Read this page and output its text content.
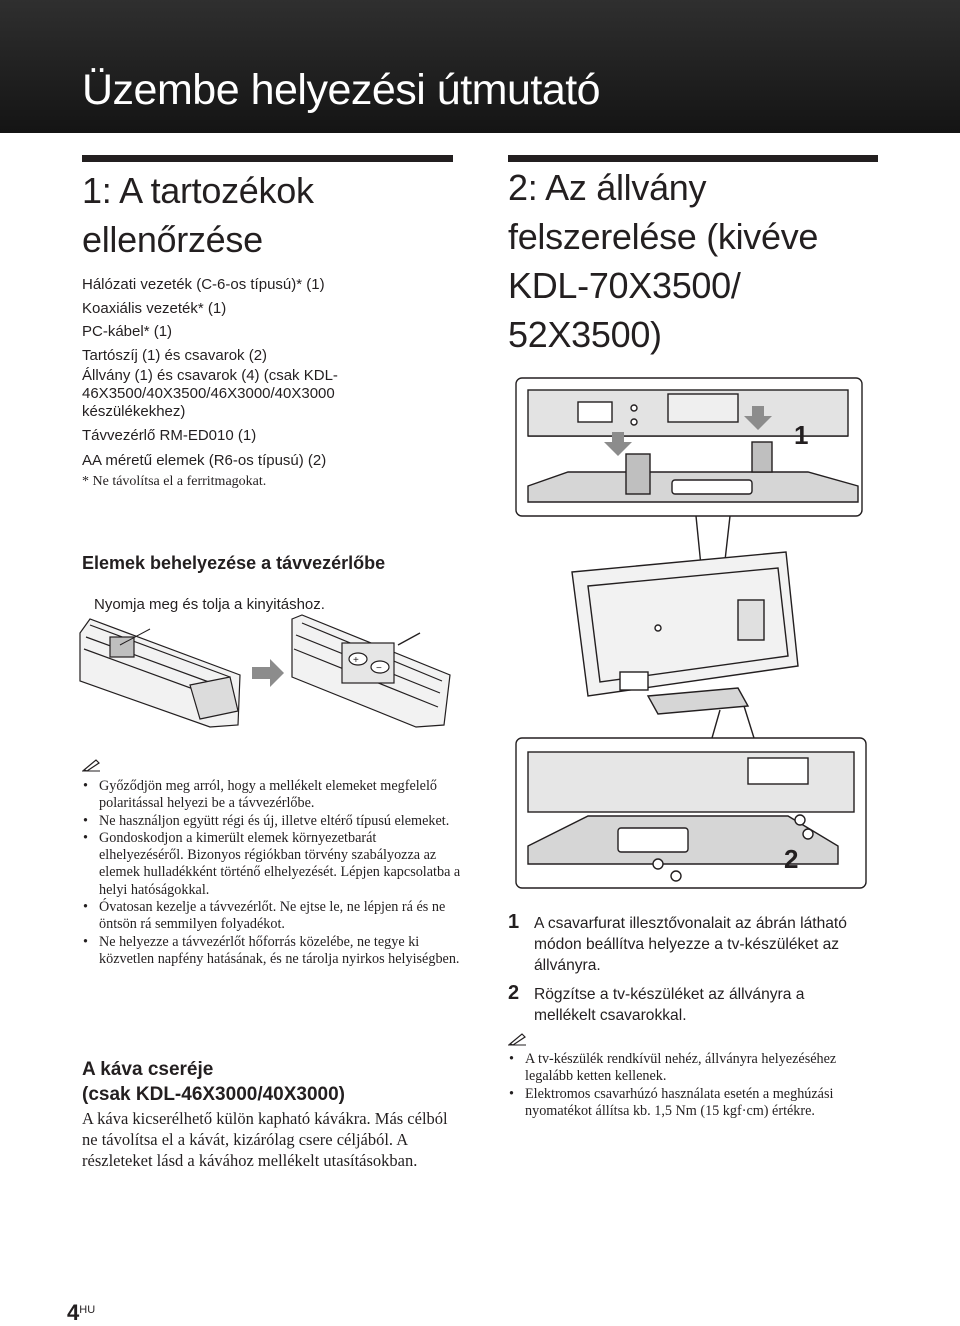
Üzembe helyezési útmutató
1: A tartozékok
ellenőrzése
Hálózati vezeték (C-6-os típusú)* (1)
Koaxiális vezeték* (1)
PC-kábel* (1)
Tartószíj (1) és csavarok (2)
Állvány (1) és csavarok (4) (csak KDL-
46X3500/40X3500/46X3000/40X3000
készülékekhez)
Távvezérlő RM-ED010 (1)
AA méretű elemek (R6-os típusú) (2)
* Ne távolítsa el a ferritmagokat.
Elemek behelyezése a távvezérlőbe
Nyomja meg és tolja a kinyitáshoz.
+
−
• Győződjön meg arról, hogy a mellékelt elemeket megfelelő polaritással helyezi be a távvezérlőbe.
• Ne használjon együtt régi és új, illetve eltérő típusú elemeket.
• Gondoskodjon a kimerült elemek környezetbarát elhelyezéséről. Bizonyos régiókban törvény szabályozza az elemek hulladékként történő elhelyezését. Lépjen kapcsolatba a helyi hatóságokkal.
• Óvatosan kezelje a távvezérlőt. Ne ejtse le, ne lépjen rá és ne öntsön rá semmilyen folyadékot.
• Ne helyezze a távvezérlőt hőforrás közelébe, ne tegye ki közvetlen napfény hatásának, és ne tárolja nyirkos helyiségben.
A káva cseréje
(csak KDL-46X3000/40X3000)
A káva kicserélhető külön kapható kávákra. Más célból ne távolítsa el a kávát, kizárólag csere céljából. A részleteket lásd a kávához mellékelt utasításokban.
2: Az állvány
felszerelése (kivéve
KDL-70X3500/
52X3500)
1
2
1 A csavarfurat illesztővonalait az ábrán látható módon beállítva helyezze a tv-készüléket az állványra.
2 Rögzítse a tv-készüléket az állványra a mellékelt csavarokkal.
• A tv-készülék rendkívül nehéz, állványra helyezéséhez legalább ketten kellenek.
• Elektromos csavarhúzó használata esetén a meghúzási nyomatékot állítsa kb. 1,5 Nm (15 kgf·cm) értékre.
$4^{HU}$
